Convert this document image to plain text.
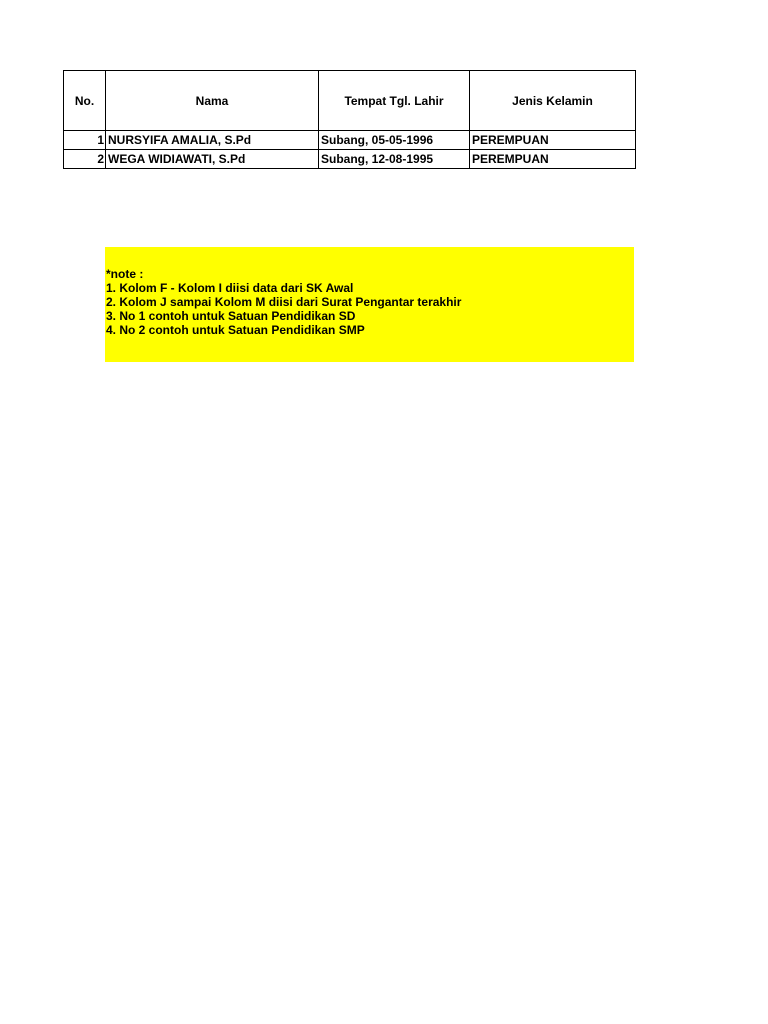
No.	Nama	Tempat Tgl. Lahir	Jenis Kelamin
1	NURSYIFA AMALIA, S.Pd	Subang, 05-05-1996	PEREMPUAN
2	WEGA WIDIAWATI, S.Pd	Subang, 12-08-1995	PEREMPUAN
*note :
1. Kolom F - Kolom I diisi data dari SK Awal
2. Kolom J sampai Kolom M diisi dari Surat Pengantar terakhir
3. No 1 contoh untuk Satuan Pendidikan SD
4. No 2 contoh untuk Satuan Pendidikan SMP
